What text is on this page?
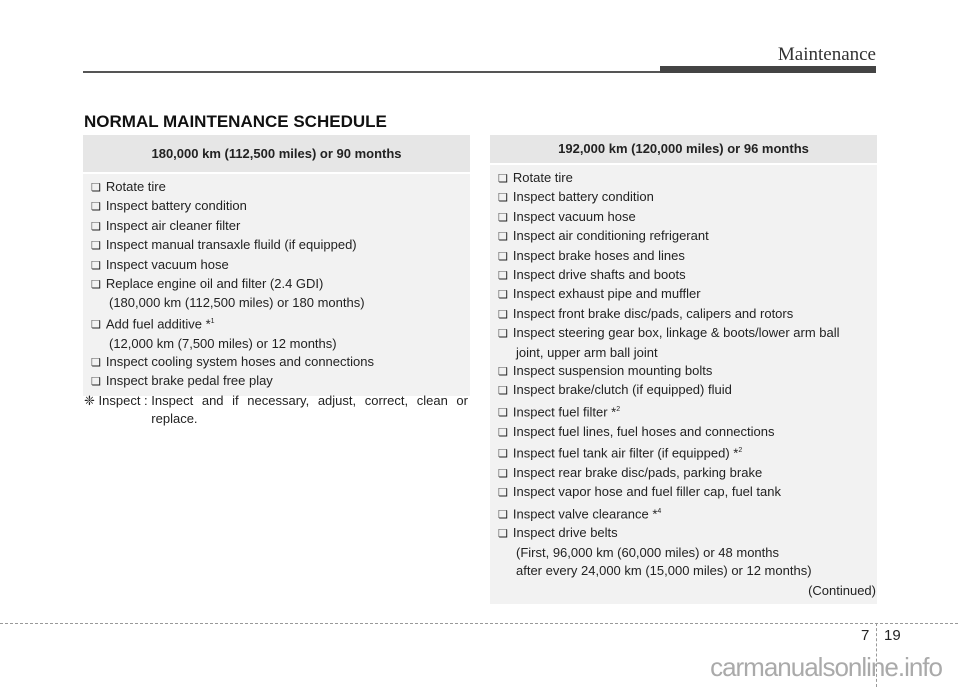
Maintenance
NORMAL MAINTENANCE SCHEDULE
180,000 km (112,500 miles) or 90 months
❏ Rotate tire
❏ Inspect battery condition
❏ Inspect air cleaner filter
❏ Inspect manual transaxle fluild (if equipped)
❏ Inspect vacuum hose
❏ Replace engine oil and filter (2.4 GDI)
(180,000 km (112,500 miles) or 180 months)
❏ Add fuel additive *$^1$
(12,000 km (7,500 miles) or 12 months)
❏ Inspect cooling system hoses and connections
❏ Inspect brake pedal free play
❈ Inspect : Inspect and if necessary, adjust, correct, clean or replace.
192,000 km (120,000 miles) or 96 months
❏ Rotate tire
❏ Inspect battery condition
❏ Inspect vacuum hose
❏ Inspect air conditioning refrigerant
❏ Inspect brake hoses and lines
❏ Inspect drive shafts and boots
❏ Inspect exhaust pipe and muffler
❏ Inspect front brake disc/pads, calipers and rotors
❏ Inspect steering gear box, linkage & boots/lower arm ball
joint, upper arm ball joint
❏ Inspect suspension mounting bolts
❏ Inspect brake/clutch (if equipped) fluid
❏ Inspect fuel filter *$^2$
❏ Inspect fuel lines, fuel hoses and connections
❏ Inspect fuel tank air filter (if equipped) *$^2$
❏ Inspect rear brake disc/pads, parking brake
❏ Inspect vapor hose and fuel filler cap, fuel tank
❏ Inspect valve clearance *$^4$
❏ Inspect drive belts
(First, 96,000 km (60,000 miles) or 48 months
after every 24,000 km (15,000 miles) or 12 months)
(Continued)
7 19
carmanualsonline.info
